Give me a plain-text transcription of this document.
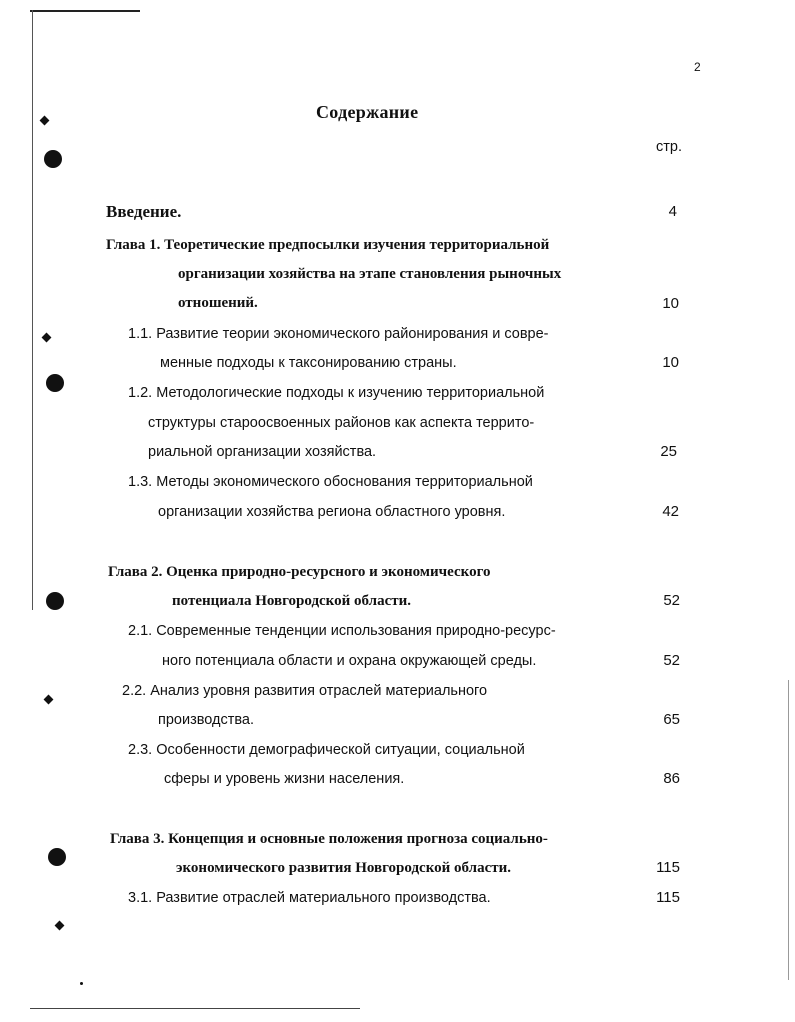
2
Содержание
стр.
Введение.	4
Глава 1. Теоретические предпосылки изучения территориальной
организации хозяйства на этапе становления рыночных
отношений.	10
1.1. Развитие теории экономического районирования и совре-
менные подходы к таксонированию страны.	10
1.2. Методологические подходы к изучению территориальной
структуры староосвоенных районов как аспекта террито-
риальной организации хозяйства.	25
1.3. Методы экономического обоснования территориальной
организации хозяйства региона областного уровня.	42
Глава 2. Оценка природно-ресурсного и экономического
потенциала Новгородской области.	52
2.1. Современные тенденции использования природно-ресурс-
ного потенциала области и охрана окружающей среды.	52
2.2. Анализ уровня развития отраслей материального
производства.	65
2.3. Особенности демографической ситуации, социальной
сферы и уровень жизни населения.	86
Глава 3. Концепция и основные положения прогноза социально-
экономического развития Новгородской области.	115
3.1. Развитие отраслей материального производства.	115
